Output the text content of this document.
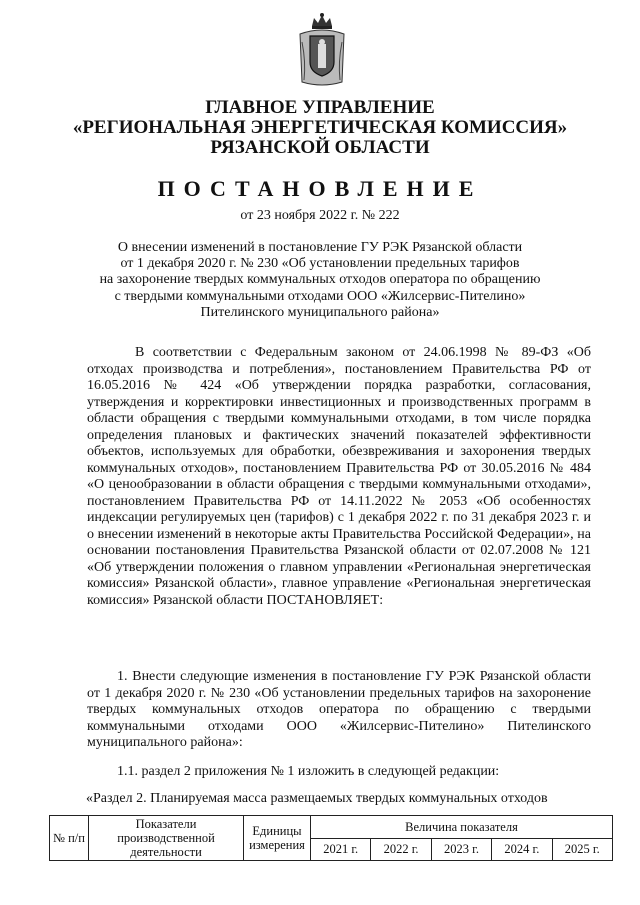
ГЛАВНОЕ УПРАВЛЕНИЕ
«РЕГИОНАЛЬНАЯ ЭНЕРГЕТИЧЕСКАЯ КОМИССИЯ»
РЯЗАНСКОЙ ОБЛАСТИ
ПОСТАНОВЛЕНИЕ
от 23 ноября 2022 г. № 222
О внесении изменений в постановление ГУ РЭК Рязанской области
от 1 декабря 2020 г. № 230 «Об установлении предельных тарифов
на захоронение твердых коммунальных отходов оператора по обращению
с твердыми коммунальными отходами ООО «Жилсервис-Пителино»
Пителинского муниципального района»
В соответствии с Федеральным законом от 24.06.1998 № 89-ФЗ «Об отходах производства и потребления», постановлением Правительства РФ от 16.05.2016 № 424 «Об утверждении порядка разработки, согласования, утверждения и корректировки инвестиционных и производственных программ в области обращения с твердыми коммунальными отходами, в том числе порядка определения плановых и фактических значений показателей эффективности объектов, используемых для обработки, обезвреживания и захоронения твердых коммунальных отходов», постановлением Правительства РФ от 30.05.2016 № 484 «О ценообразовании в области обращения с твердыми коммунальными отходами», постановлением Правительства РФ от 14.11.2022 № 2053 «Об особенностях индексации регулируемых цен (тарифов) с 1 декабря 2022 г. по 31 декабря 2023 г. и о внесении изменений в некоторые акты Правительства Российской Федерации», на основании постановления Правительства Рязанской области от 02.07.2008 № 121 «Об утверждении положения о главном управлении «Региональная энергетическая комиссия» Рязанской области», главное управление «Региональная энергетическая комиссия» Рязанской области ПОСТАНОВЛЯЕТ:
1. Внести следующие изменения в постановление ГУ РЭК Рязанской области от 1 декабря 2020 г. № 230 «Об установлении предельных тарифов на захоронение твердых коммунальных отходов оператора по обращению с твердыми коммунальными отходами ООО «Жилсервис-Пителино» Пителинского муниципального района»:
1.1. раздел 2 приложения № 1 изложить в следующей редакции:
«Раздел 2. Планируемая масса размещаемых твердых коммунальных отходов
№ п/п	Показатели производственной деятельности	Единицы измерения	Величина показателя				
			2021 г.	2022 г.	2023 г.	2024 г.	2025 г.
